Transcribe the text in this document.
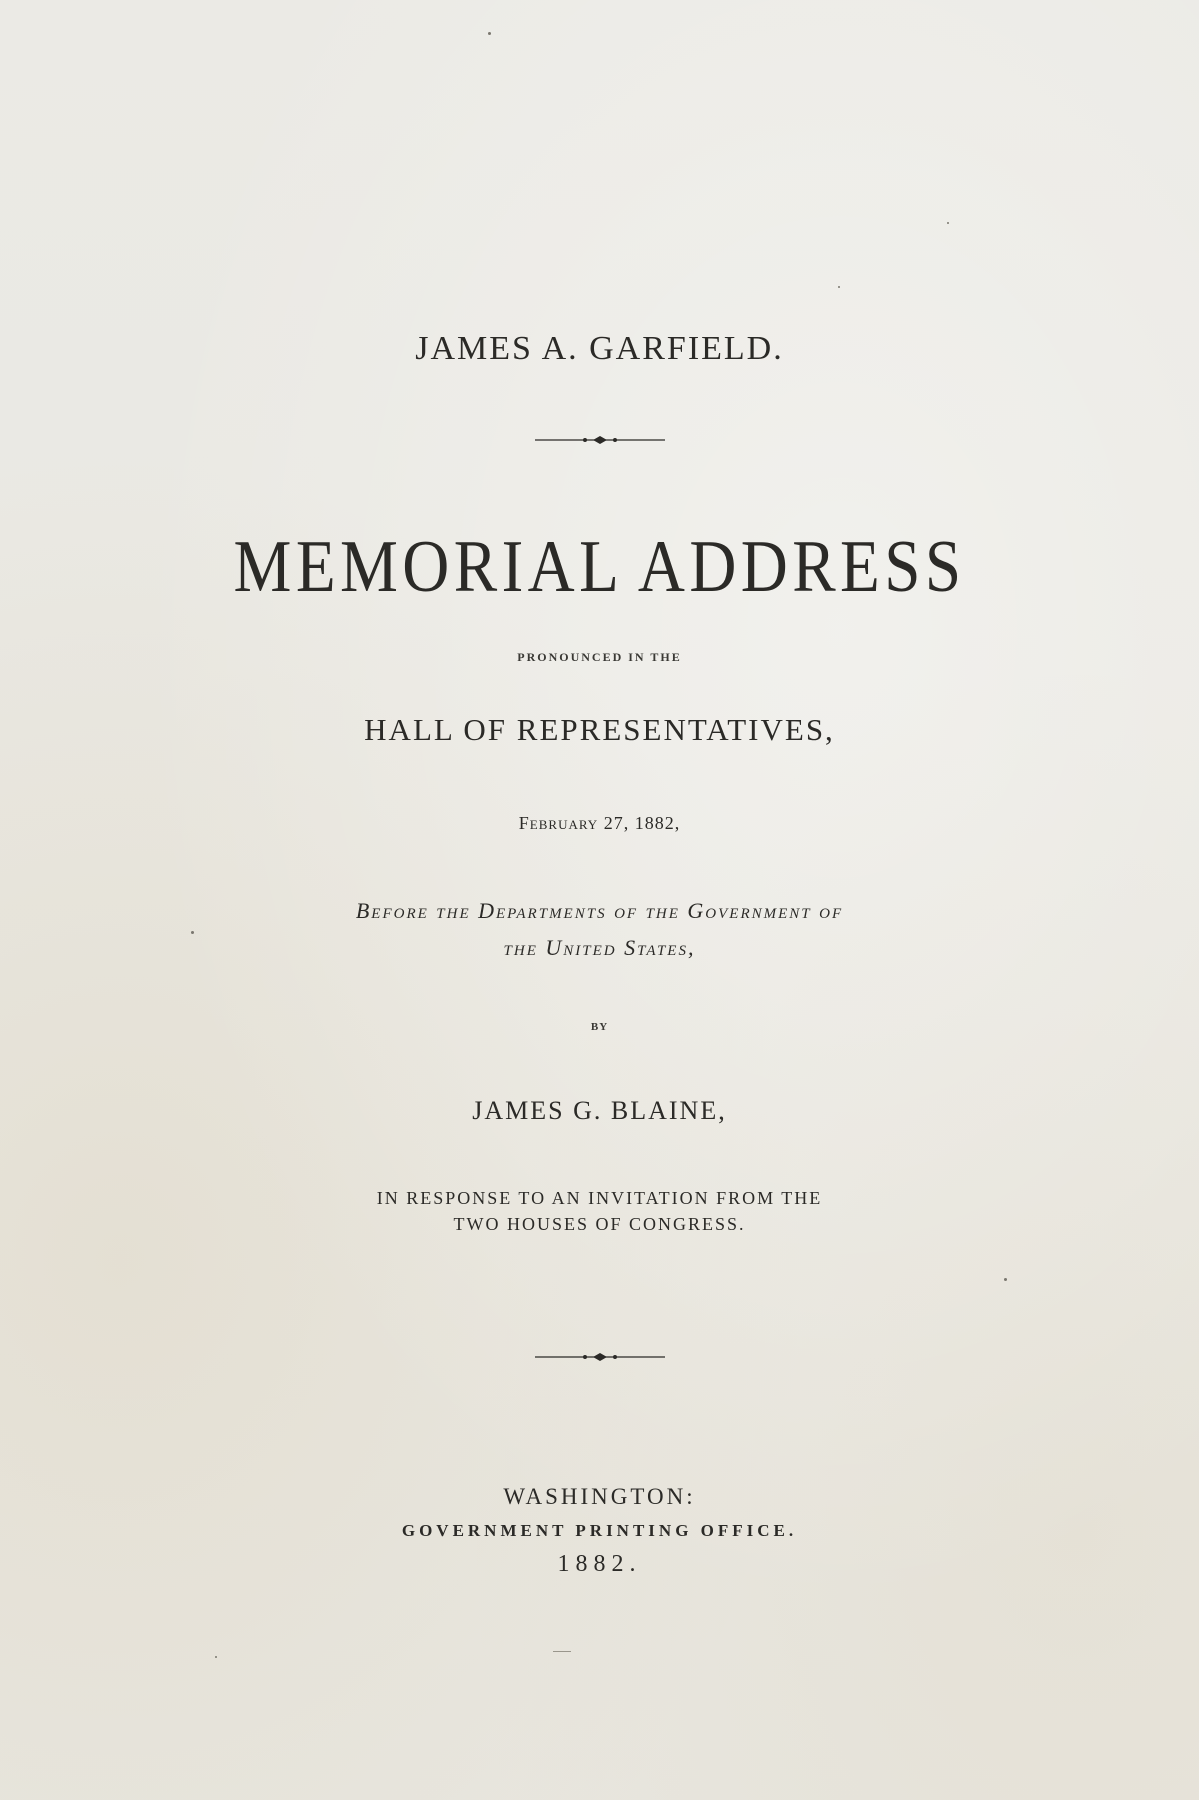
JAMES A. GARFIELD.
MEMORIAL ADDRESS
PRONOUNCED IN THE
HALL OF REPRESENTATIVES,
February 27, 1882,
Before the Departments of the Government of
the United States,
BY
JAMES G. BLAINE,
IN RESPONSE TO AN INVITATION FROM THE
TWO HOUSES OF CONGRESS.
WASHINGTON:
GOVERNMENT PRINTING OFFICE.
1882.
